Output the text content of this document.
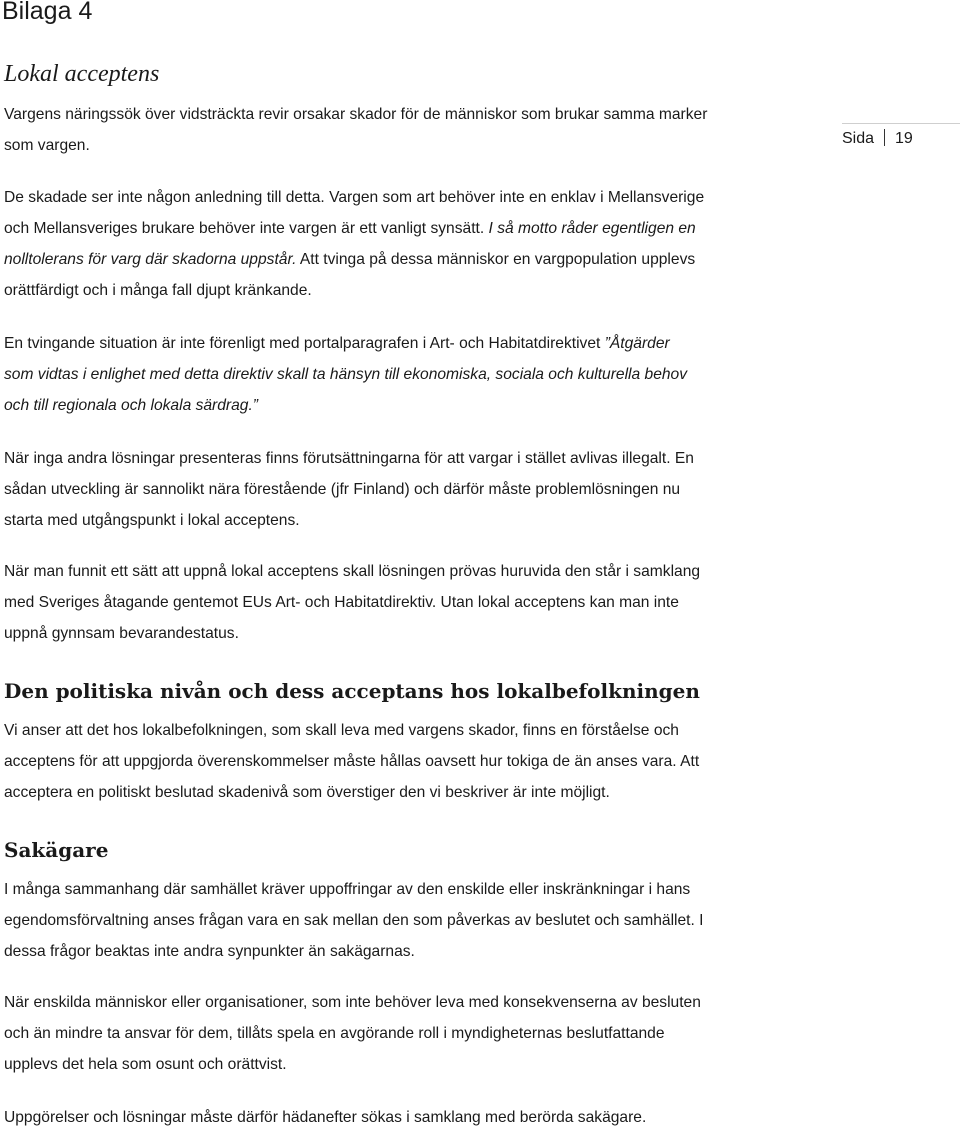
Bilaga 4
Sida 19
Lokal acceptens

Vargens näringssök över vidsträckta revir orsakar skador för de människor som brukar samma marker
som vargen.

De skadade ser inte någon anledning till detta. Vargen som art behöver inte en enklav i Mellansverige
och Mellansveriges brukare behöver inte vargen är ett vanligt synsätt. I så motto råder egentligen en
nolltolerans för varg där skadorna uppstår. Att tvinga på dessa människor en vargpopulation upplevs
orättfärdigt och i många fall djupt kränkande.

En tvingande situation är inte förenligt med portalparagrafen i Art- och Habitatdirektivet ”Åtgärder
som vidtas i enlighet med detta direktiv skall ta hänsyn till ekonomiska, sociala och kulturella behov
och till regionala och lokala särdrag.”

När inga andra lösningar presenteras finns förutsättningarna för att vargar i stället avlivas illegalt. En
sådan utveckling är sannolikt nära förestående (jfr Finland) och därför måste problemlösningen nu
starta med utgångspunkt i lokal acceptens.

När man funnit ett sätt att uppnå lokal acceptens skall lösningen prövas huruvida den står i samklang
med Sveriges åtagande gentemot EUs Art- och Habitatdirektiv. Utan lokal acceptens kan man inte
uppnå gynnsam bevarandestatus.

Den politiska nivån och dess acceptans hos lokalbefolkningen

Vi anser att det hos lokalbefolkningen, som skall leva med vargens skador, finns en förståelse och
acceptens för att uppgjorda överenskommelser måste hållas oavsett hur tokiga de än anses vara. Att
acceptera en politiskt beslutad skadenivå som överstiger den vi beskriver är inte möjligt.

Sakägare

I många sammanhang där samhället kräver uppoffringar av den enskilde eller inskränkningar i hans
egendomsförvaltning anses frågan vara en sak mellan den som påverkas av beslutet och samhället. I
dessa frågor beaktas inte andra synpunkter än sakägarnas.

När enskilda människor eller organisationer, som inte behöver leva med konsekvenserna av besluten
och än mindre ta ansvar för dem, tillåts spela en avgörande roll i myndigheternas beslutfattande
upplevs det hela som osunt och orättvist.

Uppgörelser och lösningar måste därför hädanefter sökas i samklang med berörda sakägare.
